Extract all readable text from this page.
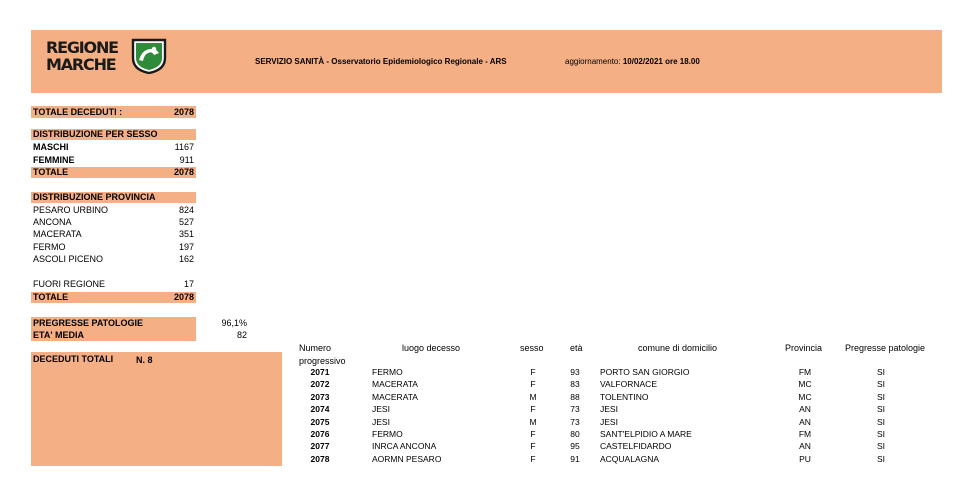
REGIONE
MARCHE	SERVIZIO SANITÀ - Osservatorio Epidemiologico Regionale - ARS	aggiornamento: 10/02/2021 ore 18.00
TOTALE DECEDUTI :	2078
DISTRIBUZIONE PER SESSO
MASCHI	1167
FEMMINE	911
TOTALE	2078
DISTRIBUZIONE PROVINCIA
PESARO URBINO	824
ANCONA	527
MACERATA	351
FERMO	197
ASCOLI PICENO	162
FUORI REGIONE	17
TOTALE	2078
PREGRESSE PATOLOGIE	96,1%
ETA' MEDIA	82
DECEDUTI TOTALI	N. 8
Numero
progressivo
luogo decesso	sesso	età	comune di domicilio	Provincia	Pregresse patologie
2071	FERMO	F	93	PORTO SAN GIORGIO	FM	SI
2072	MACERATA	F	83	VALFORNACE	MC	SI
2073	MACERATA	M	88	TOLENTINO	MC	SI
2074	JESI	F	73	JESI	AN	SI
2075	JESI	M	73	JESI	AN	SI
2076	FERMO	F	80	SANT'ELPIDIO A MARE	FM	SI
2077	INRCA ANCONA	F	95	CASTELFIDARDO	AN	SI
2078	AORMN PESARO	F	91	ACQUALAGNA	PU	SI
